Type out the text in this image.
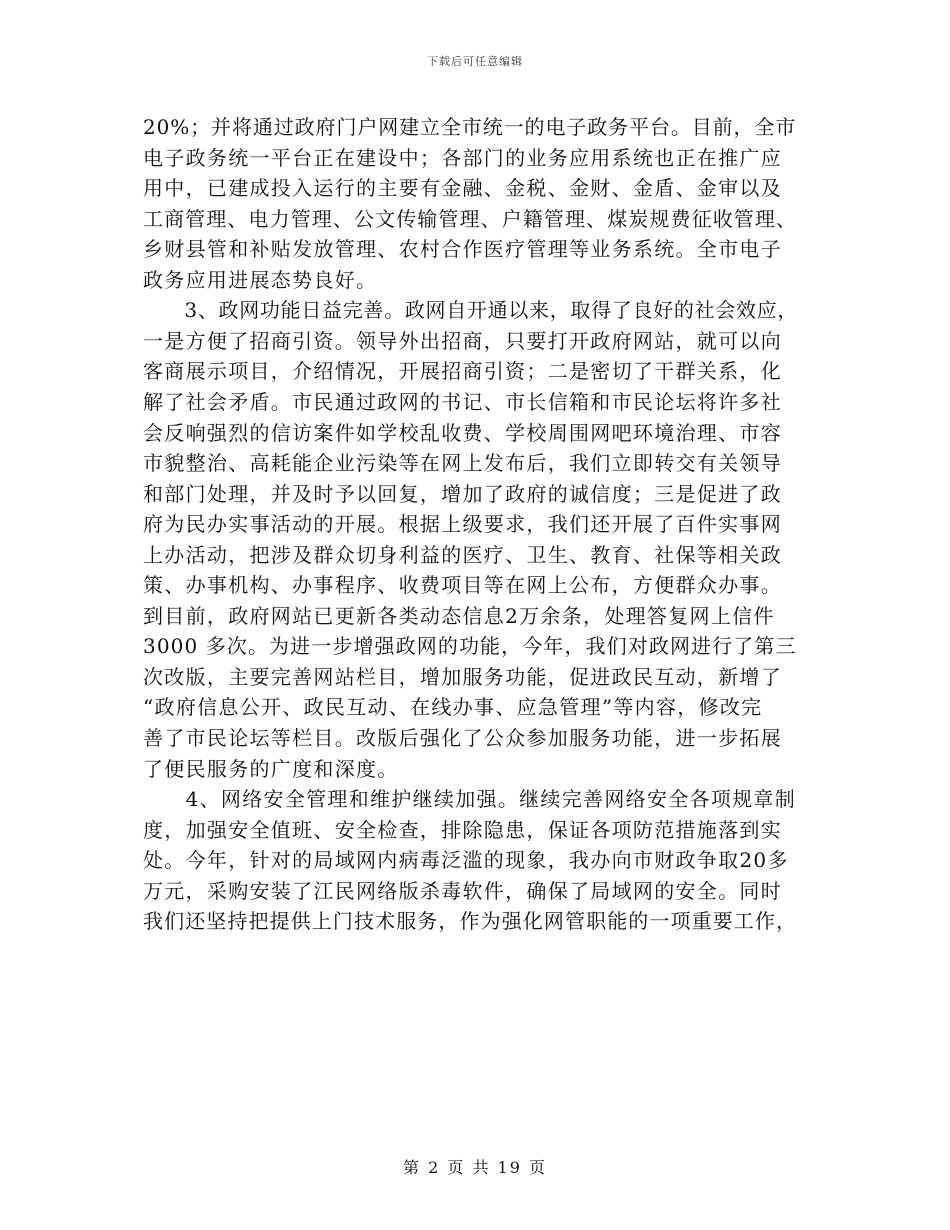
下载后可任意编辑
20%；并将通过政府门户网建立全市统一的电子政务平台。目前，全市
电子政务统一平台正在建设中；各部门的业务应用系统也正在推广应
用中，已建成投入运行的主要有金融、金税、金财、金盾、金审以及
工商管理、电力管理、公文传输管理、户籍管理、煤炭规费征收管理、
乡财县管和补贴发放管理、农村合作医疗管理等业务系统。全市电子
政务应用进展态势良好。
　　3、政网功能日益完善。政网自开通以来，取得了良好的社会效应，
一是方便了招商引资。领导外出招商，只要打开政府网站，就可以向
客商展示项目，介绍情况，开展招商引资；二是密切了干群关系，化
解了社会矛盾。市民通过政网的书记、市长信箱和市民论坛将许多社
会反响强烈的信访案件如学校乱收费、学校周围网吧环境治理、市容
市貌整治、高耗能企业污染等在网上发布后，我们立即转交有关领导
和部门处理，并及时予以回复，增加了政府的诚信度；三是促进了政
府为民办实事活动的开展。根据上级要求，我们还开展了百件实事网
上办活动，把涉及群众切身利益的医疗、卫生、教育、社保等相关政
策、办事机构、办事程序、收费项目等在网上公布，方便群众办事。
到目前，政府网站已更新各类动态信息2万余条，处理答复网上信件
3000 多次。为进一步增强政网的功能，今年，我们对政网进行了第三
次改版，主要完善网站栏目，增加服务功能，促进政民互动，新增了
“政府信息公开、政民互动、在线办事、应急管理”等内容，修改完
善了市民论坛等栏目。改版后强化了公众参加服务功能，进一步拓展
了便民服务的广度和深度。
　　4、网络安全管理和维护继续加强。继续完善网络安全各项规章制
度，加强安全值班、安全检查，排除隐患，保证各项防范措施落到实
处。今年，针对的局域网内病毒泛滥的现象，我办向市财政争取20多
万元，采购安装了江民网络版杀毒软件，确保了局域网的安全。同时
我们还坚持把提供上门技术服务，作为强化网管职能的一项重要工作，
第 2 页 共 19 页
